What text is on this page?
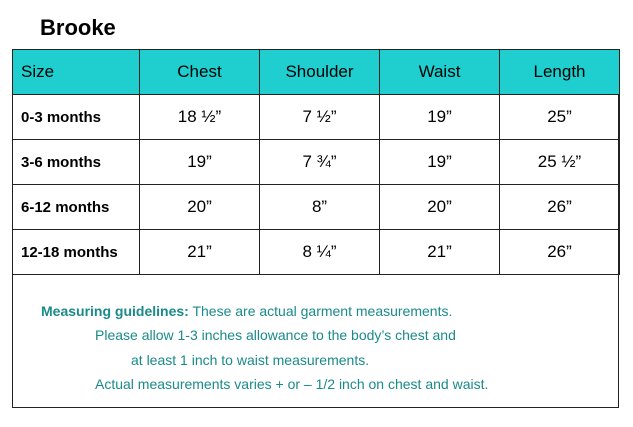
Brooke
Size	Chest	Shoulder	Waist	Length
0-3 months	18 ½”	7 ½”	19”	25”
3-6 months	19”	7 ¾”	19”	25 ½”
6-12 months	20”	8”	20”	26”
12-18 months	21”	8 ¼”	21”	26”
Measuring guidelines: These are actual garment measurements.
Please allow 1-3 inches allowance to the body’s chest and
at least 1 inch to waist measurements.
Actual measurements varies + or – 1/2 inch on chest and waist.
